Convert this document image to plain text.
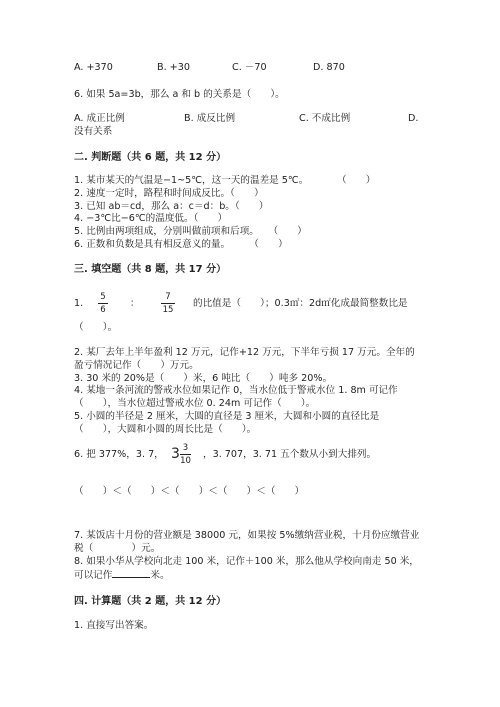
A. +370	B. +30	C. －70	D. 870
6. 如果 5a=3b，那么 a 和 b 的关系是（　　）。
A. 成正比例	B. 成反比例	C. 不成比例	D.
没有关系
二. 判断题（共 6 题，共 12 分）
1. 某市某天的气温是−1~5℃，这一天的温差是 5℃。　　　　（　　）
2. 速度一定时，路程和时间成反比。（　　）
3. 已知 ab＝cd，那么 a：c＝d：b。（　　）
4. −3℃比−6℃的温度低。（　　）
5. 比例由两项组成，分别叫做前项和后项。　　（　　）
6. 正数和负数是具有相反意义的量。　　　（　　）
三. 填空题（共 8 题，共 17 分）
1.
5
6
：
7
15
的比值是（　　）；0.3㎡：2d㎡化成最简整数比是
（　　）。
2. 某厂去年上半年盈利 12 万元，记作+12 万元，下半年亏损 17 万元。全年的
盈亏情况记作（　　）万元。
3. 30 米的 20%是（　　）米，6 吨比（　　）吨多 20%。
4. 某地一条河流的警戒水位如果记作 0，当水位低于警戒水位 1. 8m 可记作
（　　），当水位超过警戒水位 0. 24m 可记作（　　）。
5. 小圆的半径是 2 厘米，大圆的直径是 3 厘米，大圆和小圆的直径比是
（　　），大圆和小圆的周长比是（　　）。
6. 把 377%，3. 7， 3 3
10
，3. 707，3. 71 五个数从小到大排列。
（　　）＜（　　）＜（　　）＜（　　）＜（　　）
7. 某饭店十月份的营业额是 38000 元，如果按 5%缴纳营业税，十月份应缴营业
税（　　　　）元。
8. 如果小华从学校向北走 100 米，记作＋100 米，那么他从学校向南走 50 米，
可以记作	米。
四. 计算题（共 2 题，共 12 分）
1. 直接写出答案。
